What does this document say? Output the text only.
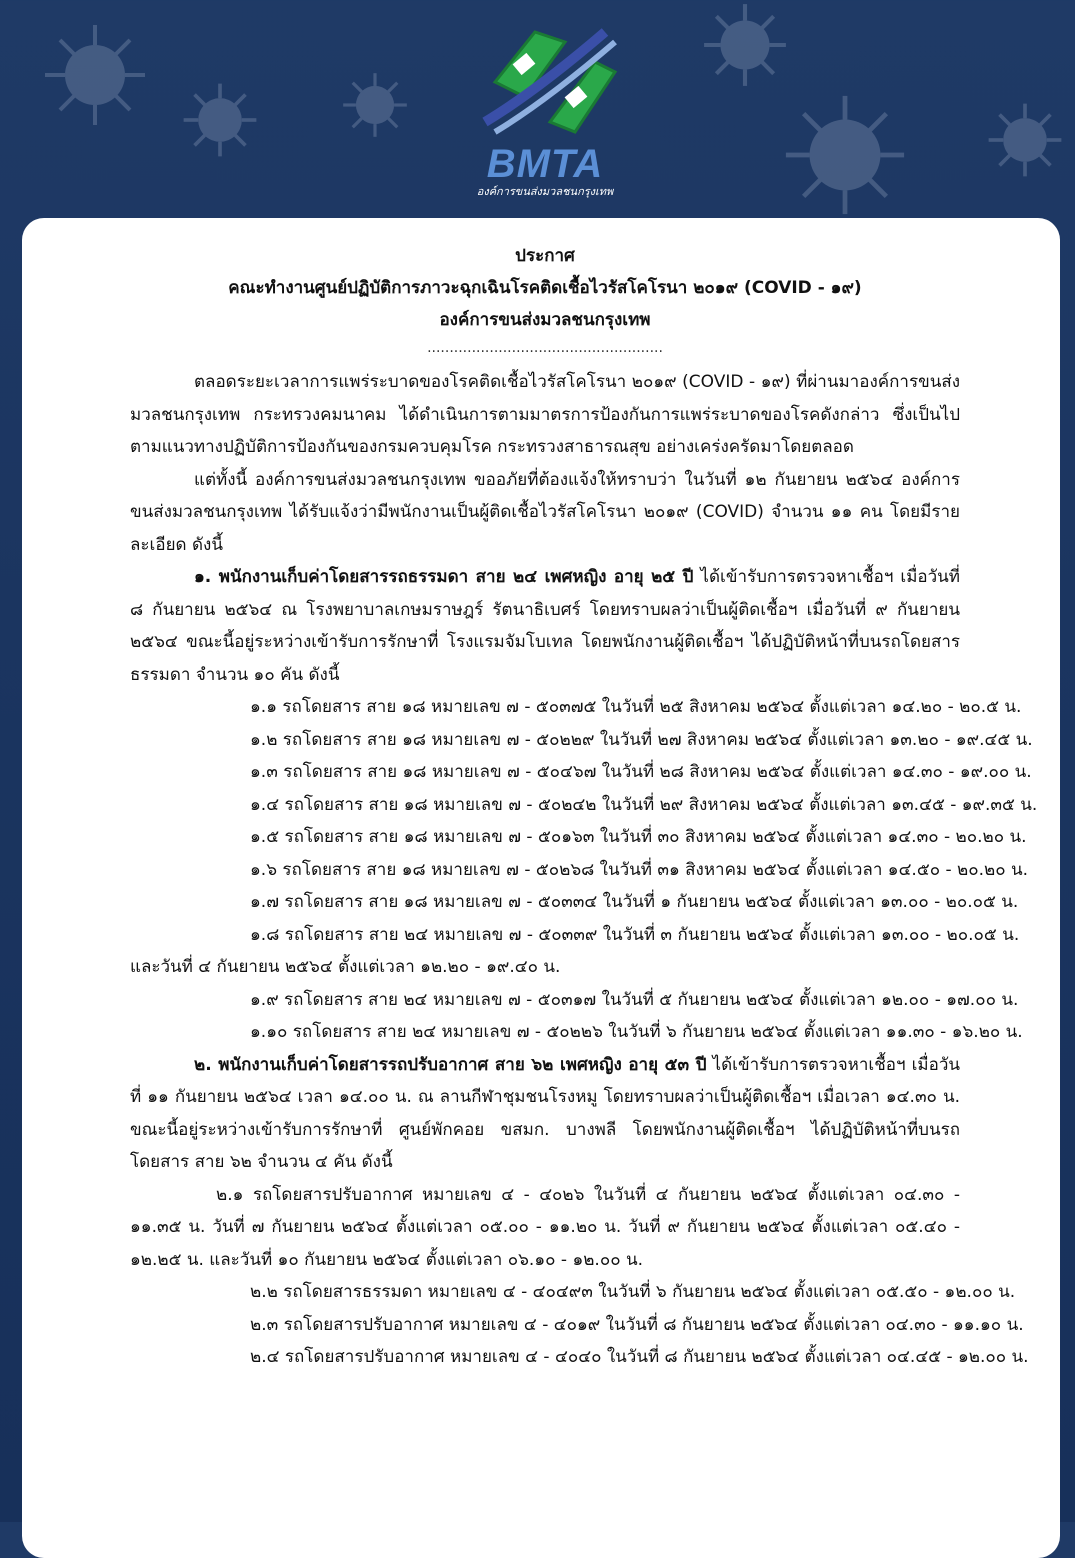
BMTA
องค์การขนส่งมวลชนกรุงเทพ
ประกาศ
คณะทำงานศูนย์ปฏิบัติการภาวะฉุกเฉินโรคติดเชื้อไวรัสโคโรนา ๒๐๑๙ (COVID - ๑๙)
องค์การขนส่งมวลชนกรุงเทพ
.....................................................

ตลอดระยะเวลาการแพร่ระบาดของโรคติดเชื้อไวรัสโคโรนา ๒๐๑๙ (COVID - ๑๙) ที่ผ่านมาองค์การขนส่งมวลชนกรุงเทพ กระทรวงคมนาคม ได้ดำเนินการตามมาตรการป้องกันการแพร่ระบาดของโรคดังกล่าว ซึ่งเป็นไปตามแนวทางปฏิบัติการป้องกันของกรมควบคุมโรค กระทรวงสาธารณสุข อย่างเคร่งครัดมาโดยตลอด

แต่ทั้งนี้ องค์การขนส่งมวลชนกรุงเทพ ขออภัยที่ต้องแจ้งให้ทราบว่า ในวันที่ ๑๒ กันยายน ๒๕๖๔ องค์การขนส่งมวลชนกรุงเทพ ได้รับแจ้งว่ามีพนักงานเป็นผู้ติดเชื้อไวรัสโคโรนา ๒๐๑๙ (COVID) จำนวน ๑๑ คน โดยมีรายละเอียด ดังนี้

๑. พนักงานเก็บค่าโดยสารรถธรรมดา สาย ๒๔ เพศหญิง อายุ ๒๕ ปี ได้เข้ารับการตรวจหาเชื้อฯ เมื่อวันที่ ๘ กันยายน ๒๕๖๔ ณ โรงพยาบาลเกษมราษฎร์ รัตนาธิเบศร์ โดยทราบผลว่าเป็นผู้ติดเชื้อฯ เมื่อวันที่ ๙ กันยายน ๒๕๖๔ ขณะนี้อยู่ระหว่างเข้ารับการรักษาที่ โรงแรมจัมโบเทล โดยพนักงานผู้ติดเชื้อฯ ได้ปฏิบัติหน้าที่บนรถโดยสารธรรมดา จำนวน ๑๐ คัน ดังนี้

๑.๑ รถโดยสาร สาย ๑๘ หมายเลข ๗ - ๕๐๓๗๕ ในวันที่ ๒๕ สิงหาคม ๒๕๖๔ ตั้งแต่เวลา ๑๔.๒๐ - ๒๐.๕ น.

๑.๒ รถโดยสาร สาย ๑๘ หมายเลข ๗ - ๕๐๒๒๙ ในวันที่ ๒๗ สิงหาคม ๒๕๖๔ ตั้งแต่เวลา ๑๓.๒๐ - ๑๙.๔๕ น.

๑.๓ รถโดยสาร สาย ๑๘ หมายเลข ๗ - ๕๐๔๖๗ ในวันที่ ๒๘ สิงหาคม ๒๕๖๔ ตั้งแต่เวลา ๑๔.๓๐ - ๑๙.๐๐ น.

๑.๔ รถโดยสาร สาย ๑๘ หมายเลข ๗ - ๕๐๒๔๒ ในวันที่ ๒๙ สิงหาคม ๒๕๖๔ ตั้งแต่เวลา ๑๓.๔๕ - ๑๙.๓๕ น.

๑.๕ รถโดยสาร สาย ๑๘ หมายเลข ๗ - ๕๐๑๖๓ ในวันที่ ๓๐ สิงหาคม ๒๕๖๔ ตั้งแต่เวลา ๑๔.๓๐ - ๒๐.๒๐ น.

๑.๖ รถโดยสาร สาย ๑๘ หมายเลข ๗ - ๕๐๒๖๘ ในวันที่ ๓๑ สิงหาคม ๒๕๖๔ ตั้งแต่เวลา ๑๔.๕๐ - ๒๐.๒๐ น.

๑.๗ รถโดยสาร สาย ๑๘ หมายเลข ๗ - ๕๐๓๓๔ ในวันที่ ๑ กันยายน ๒๕๖๔ ตั้งแต่เวลา ๑๓.๐๐ - ๒๐.๐๕ น.

๑.๘ รถโดยสาร สาย ๒๔ หมายเลข ๗ - ๕๐๓๓๙ ในวันที่ ๓ กันยายน ๒๕๖๔ ตั้งแต่เวลา ๑๓.๐๐ - ๒๐.๐๕ น.

และวันที่ ๔ กันยายน ๒๕๖๔ ตั้งแต่เวลา ๑๒.๒๐ - ๑๙.๔๐ น.

๑.๙ รถโดยสาร สาย ๒๔ หมายเลข ๗ - ๕๐๓๑๗ ในวันที่ ๕ กันยายน ๒๕๖๔ ตั้งแต่เวลา ๑๒.๐๐ - ๑๗.๐๐ น.

๑.๑๐ รถโดยสาร สาย ๒๔ หมายเลข ๗ - ๕๐๒๒๖ ในวันที่ ๖ กันยายน ๒๕๖๔ ตั้งแต่เวลา ๑๑.๓๐ - ๑๖.๒๐ น.

๒. พนักงานเก็บค่าโดยสารรถปรับอากาศ สาย ๖๒ เพศหญิง อายุ ๕๓ ปี ได้เข้ารับการตรวจหาเชื้อฯ เมื่อวันที่ ๑๑ กันยายน ๒๕๖๔ เวลา ๑๔.๐๐ น. ณ ลานกีฬาชุมชนโรงหมู โดยทราบผลว่าเป็นผู้ติดเชื้อฯ เมื่อเวลา ๑๔.๓๐ น. ขณะนี้อยู่ระหว่างเข้ารับการรักษาที่ ศูนย์พักคอย ขสมก. บางพลี โดยพนักงานผู้ติดเชื้อฯ ได้ปฏิบัติหน้าที่บนรถโดยสาร สาย ๖๒ จำนวน ๔ คัน ดังนี้

๒.๑ รถโดยสารปรับอากาศ หมายเลข ๔ - ๔๐๒๖ ในวันที่ ๔ กันยายน ๒๕๖๔ ตั้งแต่เวลา ๐๔.๓๐ - ๑๑.๓๕ น. วันที่ ๗ กันยายน ๒๕๖๔ ตั้งแต่เวลา ๐๕.๐๐ - ๑๑.๒๐ น. วันที่ ๙ กันยายน ๒๕๖๔ ตั้งแต่เวลา ๐๕.๔๐ - ๑๒.๒๕ น. และวันที่ ๑๐ กันยายน ๒๕๖๔ ตั้งแต่เวลา ๐๖.๑๐ - ๑๒.๐๐ น.

๒.๒ รถโดยสารธรรมดา หมายเลข ๔ - ๔๐๔๙๓ ในวันที่ ๖ กันยายน ๒๕๖๔ ตั้งแต่เวลา ๐๕.๕๐ - ๑๒.๐๐ น.

๒.๓ รถโดยสารปรับอากาศ หมายเลข ๔ - ๔๐๑๙ ในวันที่ ๘ กันยายน ๒๕๖๔ ตั้งแต่เวลา ๐๔.๓๐ - ๑๑.๑๐ น.

๒.๔ รถโดยสารปรับอากาศ หมายเลข ๔ - ๔๐๔๐ ในวันที่ ๘ กันยายน ๒๕๖๔ ตั้งแต่เวลา ๐๔.๔๕ - ๑๒.๐๐ น.
